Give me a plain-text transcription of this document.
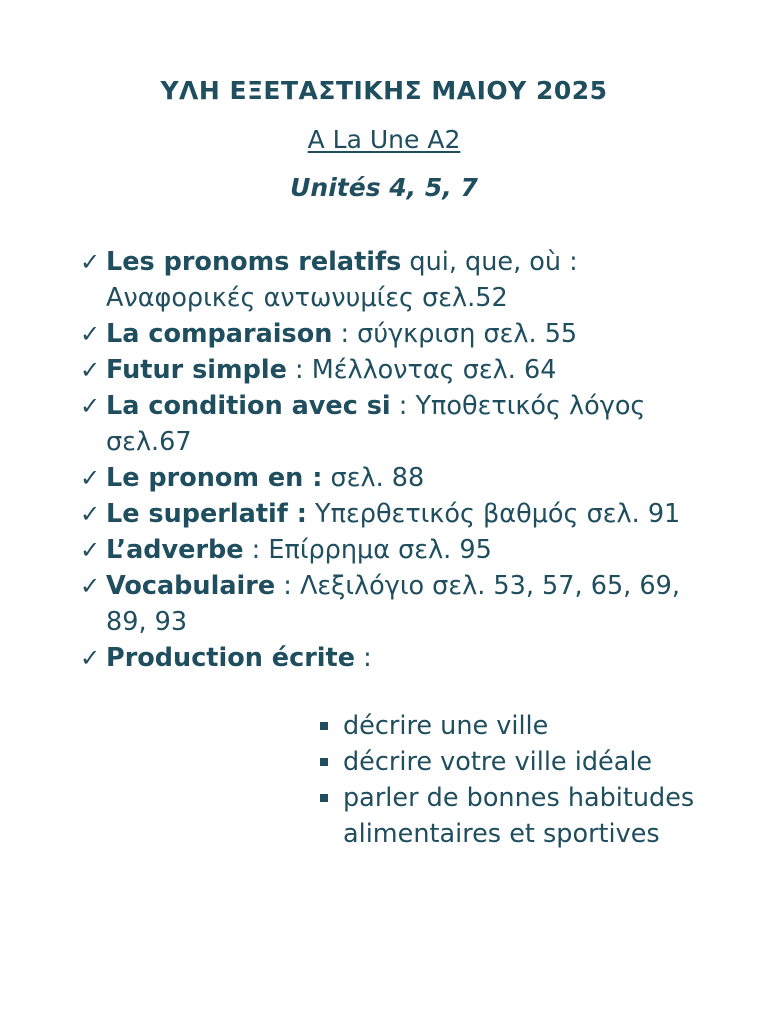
ΥΛΗ ΕΞΕΤΑΣΤΙΚΗΣ ΜΑΙΟΥ 2025
A La Une A2
Unités 4, 5, 7
✓ Les pronoms relatifs qui, que, où : Αναφορικές αντωνυμίες σελ.52
✓ La comparaison : σύγκριση σελ. 55
✓ Futur simple : Μέλλοντας σελ. 64
✓ La condition avec si : Υποθετικός λόγος σελ.67
✓ Le pronom en : σελ. 88
✓ Le superlatif : Υπερθετικός βαθμός σελ. 91
✓ L’adverbe : Επίρρημα σελ. 95
✓ Vocabulaire : Λεξιλόγιο σελ. 53, 57, 65, 69, 89, 93
✓ Production écrite :
décrire une ville
décrire votre ville idéale
parler de bonnes habitudes alimentaires et sportives
